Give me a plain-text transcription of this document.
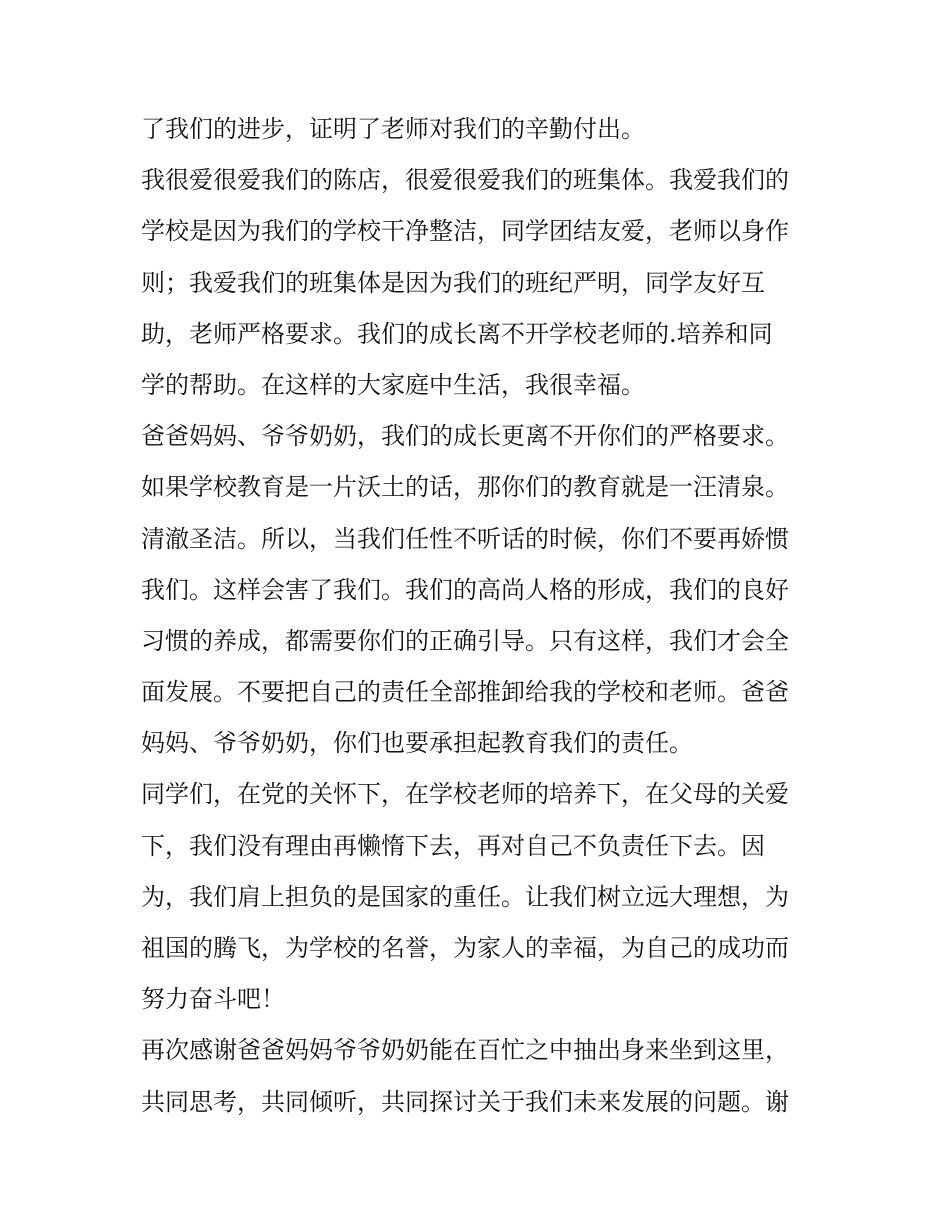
了我们的进步，证明了老师对我们的辛勤付出。
我很爱很爱我们的陈店，很爱很爱我们的班集体。我爱我们的
学校是因为我们的学校干净整洁，同学团结友爱，老师以身作
则；我爱我们的班集体是因为我们的班纪严明，同学友好互
助，老师严格要求。我们的成长离不开学校老师的.培养和同
学的帮助。在这样的大家庭中生活，我很幸福。
爸爸妈妈、爷爷奶奶，我们的成长更离不开你们的严格要求。
如果学校教育是一片沃土的话，那你们的教育就是一汪清泉。
清澈圣洁。所以，当我们任性不听话的时候，你们不要再娇惯
我们。这样会害了我们。我们的高尚人格的形成，我们的良好
习惯的养成，都需要你们的正确引导。只有这样，我们才会全
面发展。不要把自己的责任全部推卸给我的学校和老师。爸爸
妈妈、爷爷奶奶，你们也要承担起教育我们的责任。
同学们，在党的关怀下，在学校老师的培养下，在父母的关爱
下，我们没有理由再懒惰下去，再对自己不负责任下去。因
为，我们肩上担负的是国家的重任。让我们树立远大理想，为
祖国的腾飞，为学校的名誉，为家人的幸福，为自己的成功而
努力奋斗吧！
再次感谢爸爸妈妈爷爷奶奶能在百忙之中抽出身来坐到这里，
共同思考，共同倾听，共同探讨关于我们未来发展的问题。谢
